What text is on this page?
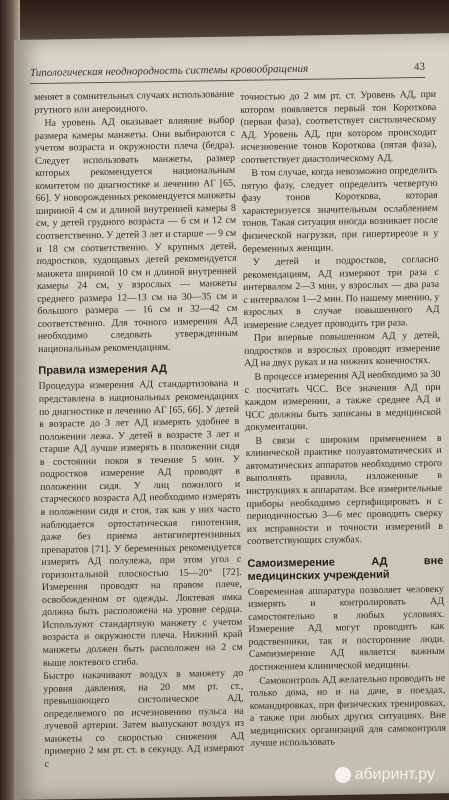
Типологическая неоднородность системы кровообращения	43

меняет в сомнительных случаях использование ртутного или анероидного.

На уровень АД оказывает влияние выбор размера камеры манжеты. Они выбираются с учетом возраста и окружности плеча (бедра). Следует использовать манжеты, размер которых рекомендуется национальным комитетом по диагностике и лечению АГ [65, 66]. У новорожденных рекомендуется манжеты шириной 4 см и длиной внутренней камеры 8 см, у детей грудного возраста — 6 см и 12 см соответственно. У детей 3 лет и старше — 9 см и 18 см соответственно. У крупных детей, подростков, худощавых детей рекомендуется манжета шириной 10 см и длиной внутренней камеры 24 см, у взрослых — манжеты среднего размера 12—13 см на 30—35 см и большого размера — 16 см и 32—42 см соответственно. Для точного измерения АД необходимо следовать утвержденным национальным рекомендациям.

Правила измерения АД

Процедура измерения АД стандартизована и представлена в национальных рекомендациях по диагностике и лечению АГ [65, 66]. У детей в возрасте до 3 лет АД измерять удобнее в положении лежа. У детей в возрасте 3 лет и старше АД лучше измерять в положении сидя в состоянии покоя в течение 5 мин. У подростков измерение АД проводят в положении сидя. У лиц пожилого и старческого возраста АД необходимо измерять в положении сидя и стоя, так как у них часто наблюдается ортостатическая гипотензия, даже без приема антигипертензивных препаратов [71]. У беременных рекомендуется измерять АД полулежа, при этом угол с горизонтальной плоскостью 15—20° [72]. Измерения проводят на правом плече, освобожденном от одежды. Локтевая ямка должна быть расположена на уровне сердца. Используют стандартную манжету с учетом возраста и окружности плеча. Нижний край манжеты должен быть расположен на 2 см выше локтевого сгиба.

Быстро накачивают воздух в манжету до уровня давления, на 20 мм рт. ст., превышающего систолическое АД, определяемого по исчезновению пульса на лучевой артерии. Затем выпускают воздух из манжеты со скоростью снижения АД примерно 2 мм рт. ст. в секунду. АД измеряют с

точностью до 2 мм рт. ст. Уровень АД, при котором появляется первый тон Короткова (первая фаза), соответствует систолическому АД. Уровень АД, при котором происходит исчезновение тонов Короткова (пятая фаза), соответствует диастолическому АД.

В том случае, когда невозможно определить пятую фазу, следует определить четвертую фазу тонов Короткова, которая характеризуется значительным ослаблением тонов. Такая ситуация иногда возникает после физической нагрузки, при гипертиреозе и у беременных женщин.

У детей и подростков, согласно рекомендациям, АД измеряют три раза с интервалом 2—3 мин, у взрослых — два раза с интервалом 1—2 мин. По нашему мнению, у взрослых в случае повышенного АД измерение следует проводить три раза.

При впервые повышенном АД у детей, подростков и взрослых проводят измерение АД на двух руках и на нижних конечностях.

В процессе измерения АД необходимо за 30 с посчитать ЧСС. Все значения АД при каждом измерении, а также среднее АД и ЧСС должны быть записаны в медицинской документации.

В связи с широким применением в клинической практике полуавтоматических и автоматических аппаратов необходимо строго выполнять правила, изложенные в инструкциях к аппаратам. Все измерительные приборы необходимо сертифицировать и с периодичностью 3—6 мес проводить сверку их исправности и точности измерений в соответствующих службах.

Самоизмерение АД вне медицинских учреждений

Современная аппаратура позволяет человеку измерять и контролировать АД самостоятельно в любых условиях. Измерение АД могут проводить как родственники, так и посторонние люди. Самоизмерение АД является важным достижением клинической медицины.

Самоконтроль АД желательно проводить не только дома, но и на даче, в поездах, командировках, при физических тренировках, а также при любых других ситуациях. Вне медицинских организаций для самоконтроля лучше использовать

абиринт.ру
